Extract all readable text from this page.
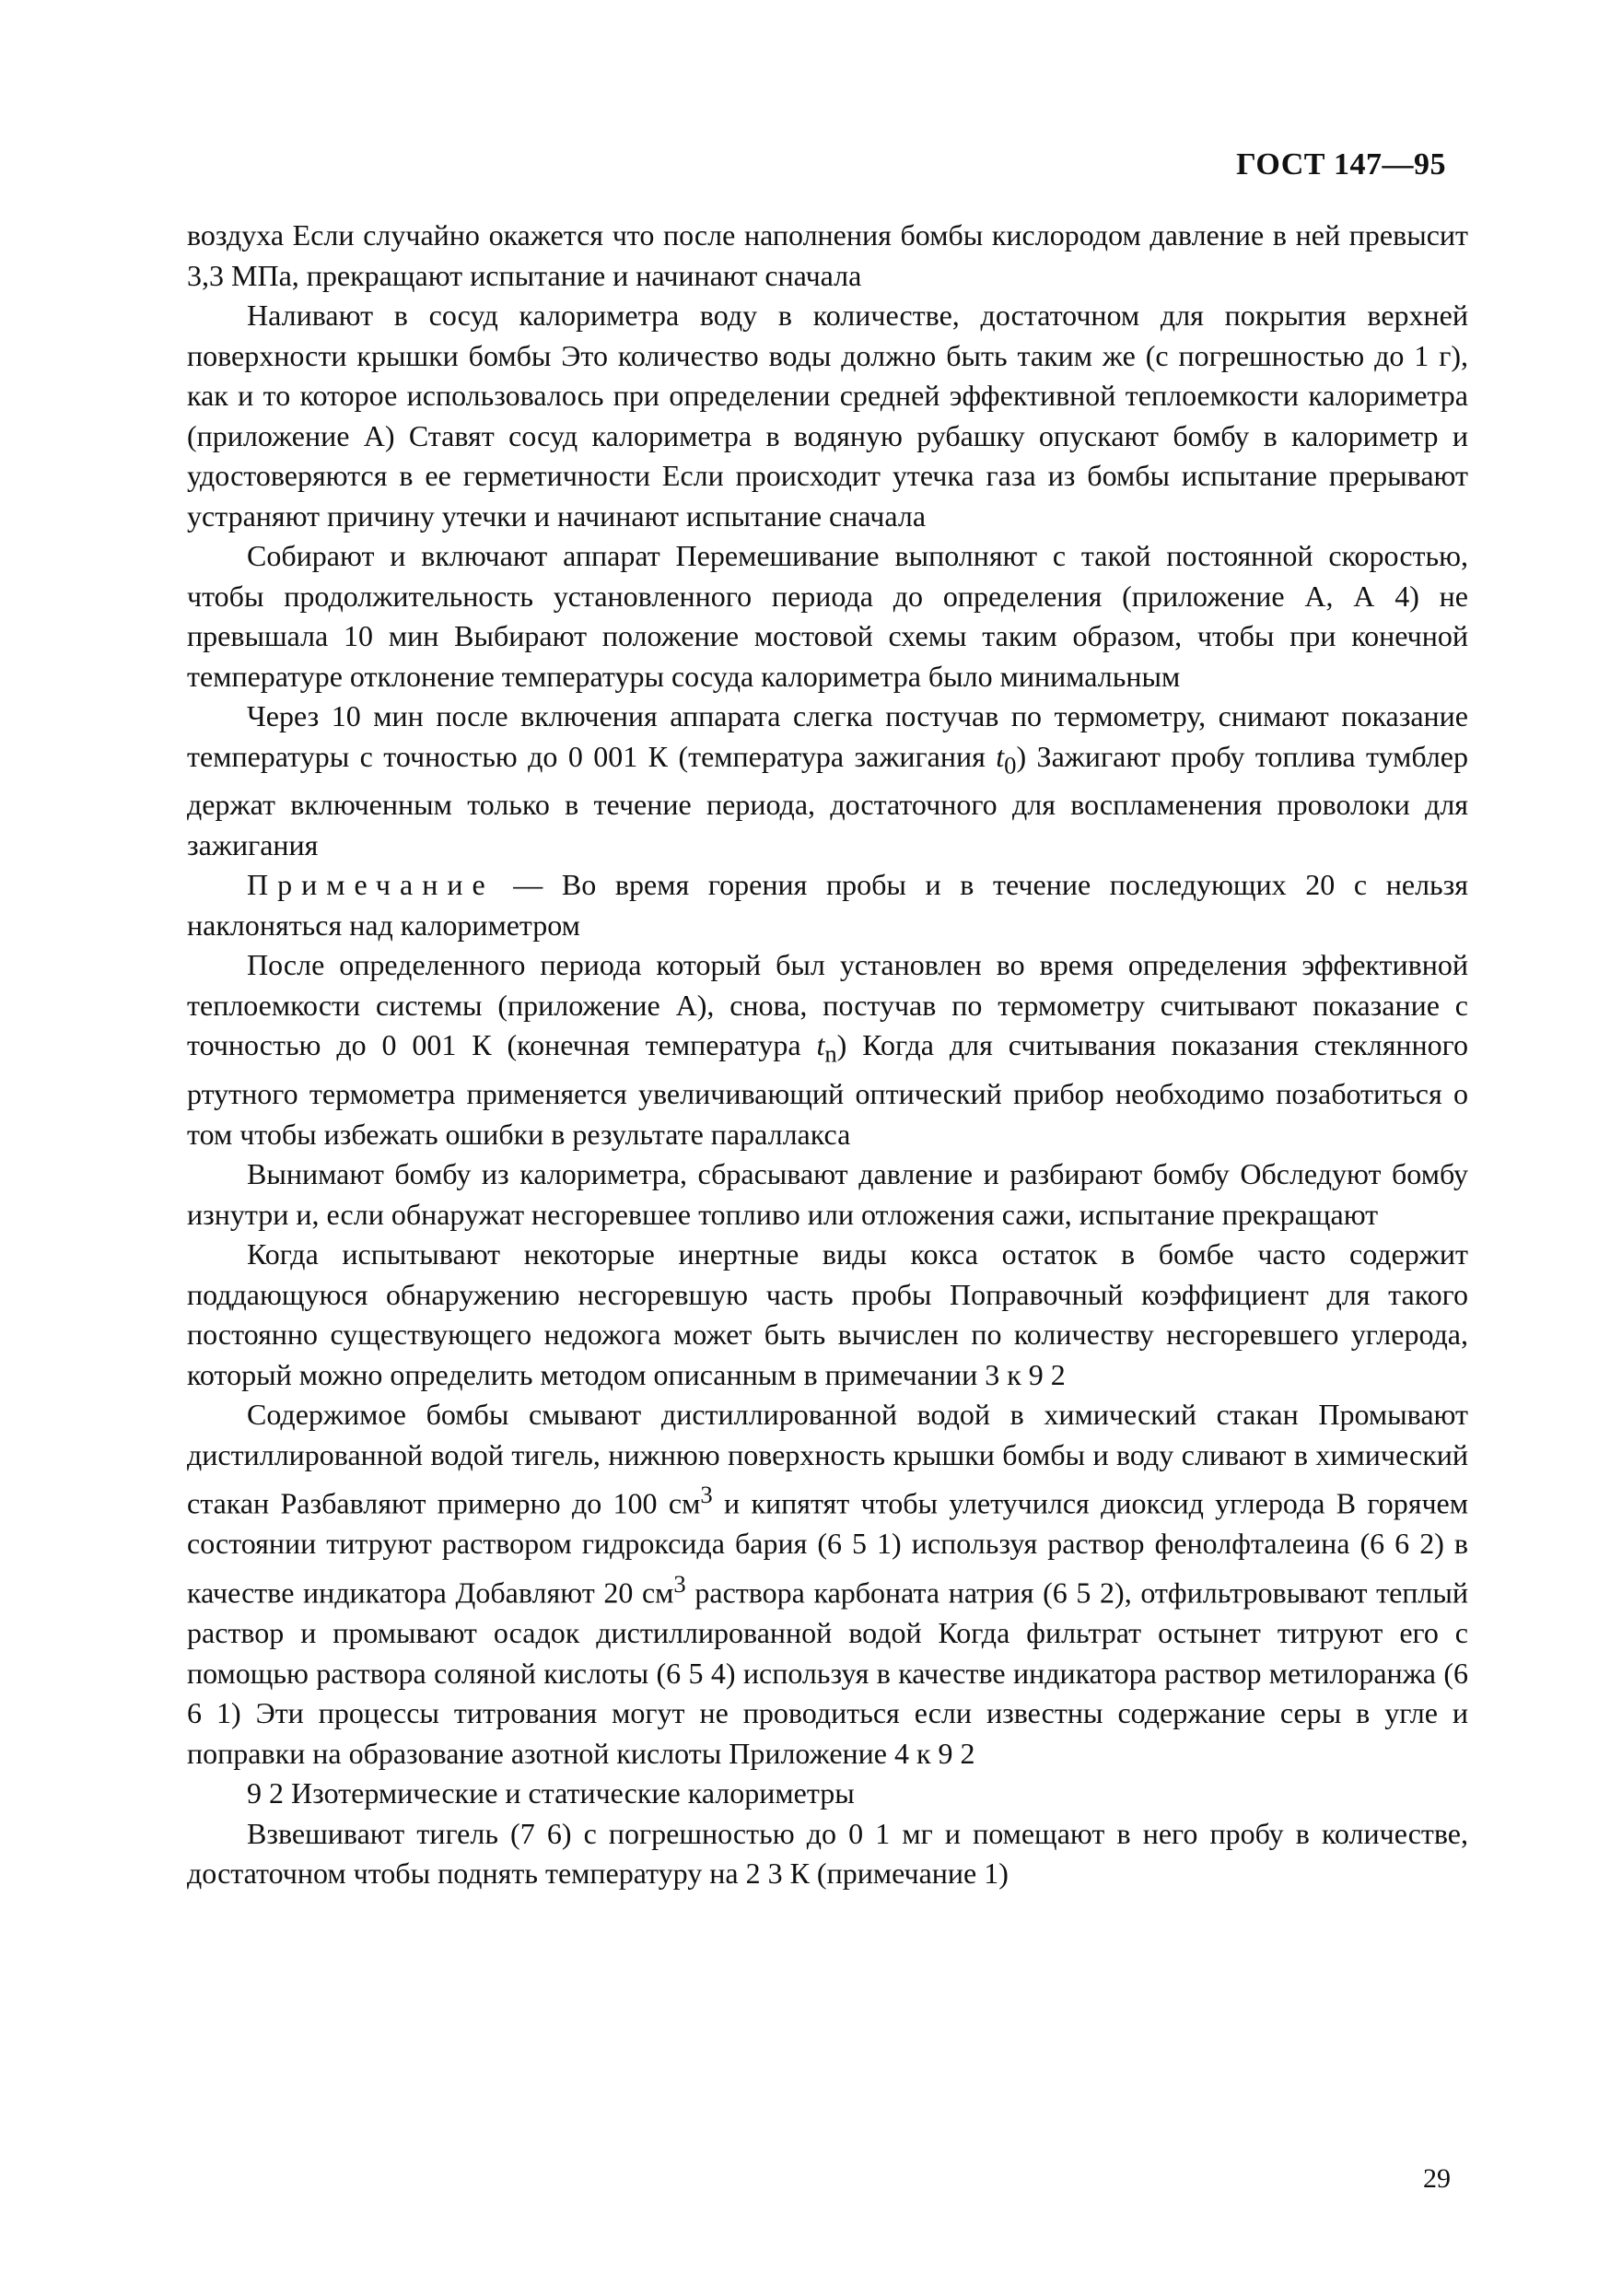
ГОСТ 147—95

воздуха Если случайно окажется что после наполнения бомбы кислородом давление в ней превысит 3,3 МПа, прекращают испытание и начинают сначала

Наливают в сосуд калориметра воду в количестве, достаточном для покрытия верхней поверхности крышки бомбы Это количество воды должно быть таким же (с погрешностью до 1 г), как и то которое использовалось при определении средней эффективной теплоемкости калориметра (приложение А) Ставят сосуд калориметра в водяную рубашку опускают бомбу в калориметр и удостоверяются в ее герметичности Если происходит утечка газа из бомбы испытание прерывают устраняют причину утечки и начинают испытание сначала

Собирают и включают аппарат Перемешивание выполняют с такой постоянной скоростью, чтобы продолжительность установленного периода до определения (приложение А, А 4) не превышала 10 мин Выбирают положение мостовой схемы таким образом, чтобы при конечной температуре отклонение температуры сосуда калориметра было минимальным

Через 10 мин после включения аппарата слегка постучав по термометру, снимают показание температуры с точностью до 0 001 К (температура зажигания $t_0$) Зажигают пробу топлива тумблер держат включенным только в течение периода, достаточного для воспламенения проволоки для зажигания

Примечание — Во время горения пробы и в течение последующих 20 с нельзя наклоняться над калориметром

После определенного периода который был установлен во время определения эффективной теплоемкости системы (приложение А), снова, постучав по термометру считывают показание с точностью до 0 001 К (конечная температура $t_n$) Когда для считывания показания стеклянного ртутного термометра применяется увеличивающий оптический прибор необходимо позаботиться о том чтобы избежать ошибки в результате параллакса

Вынимают бомбу из калориметра, сбрасывают давление и разбирают бомбу Обследуют бомбу изнутри и, если обнаружат несгоревшее топливо или отложения сажи, испытание прекращают

Когда испытывают некоторые инертные виды кокса остаток в бомбе часто содержит поддающуюся обнаружению несгоревшую часть пробы Поправочный коэффициент для такого постоянно существующего недожога может быть вычислен по количеству несгоревшего углерода, который можно определить методом описанным в примечании 3 к 9 2

Содержимое бомбы смывают дистиллированной водой в химический стакан Промывают дистиллированной водой тигель, нижнюю поверхность крышки бомбы и воду сливают в химический стакан Разбавляют примерно до 100 $см^3$ и кипятят чтобы улетучился диоксид углерода В горячем состоянии титруют раствором гидроксида бария (6 5 1) используя раствор фенолфталеина (6 6 2) в качестве индикатора Добавляют 20 $см^3$ раствора карбоната натрия (6 5 2), отфильтровывают теплый раствор и промывают осадок дистиллированной водой Когда фильтрат остынет титруют его с помощью раствора соляной кислоты (6 5 4) используя в качестве индикатора раствор метилоранжа (6 6 1) Эти процессы титрования могут не проводиться если известны содержание серы в угле и поправки на образование азотной кислоты Приложение 4 к 9 2

9 2 Изотермические и статические калориметры

Взвешивают тигель (7 6) с погрешностью до 0 1 мг и помещают в него пробу в количестве, достаточном чтобы поднять температуру на 2 3 К (примечание 1)

29
